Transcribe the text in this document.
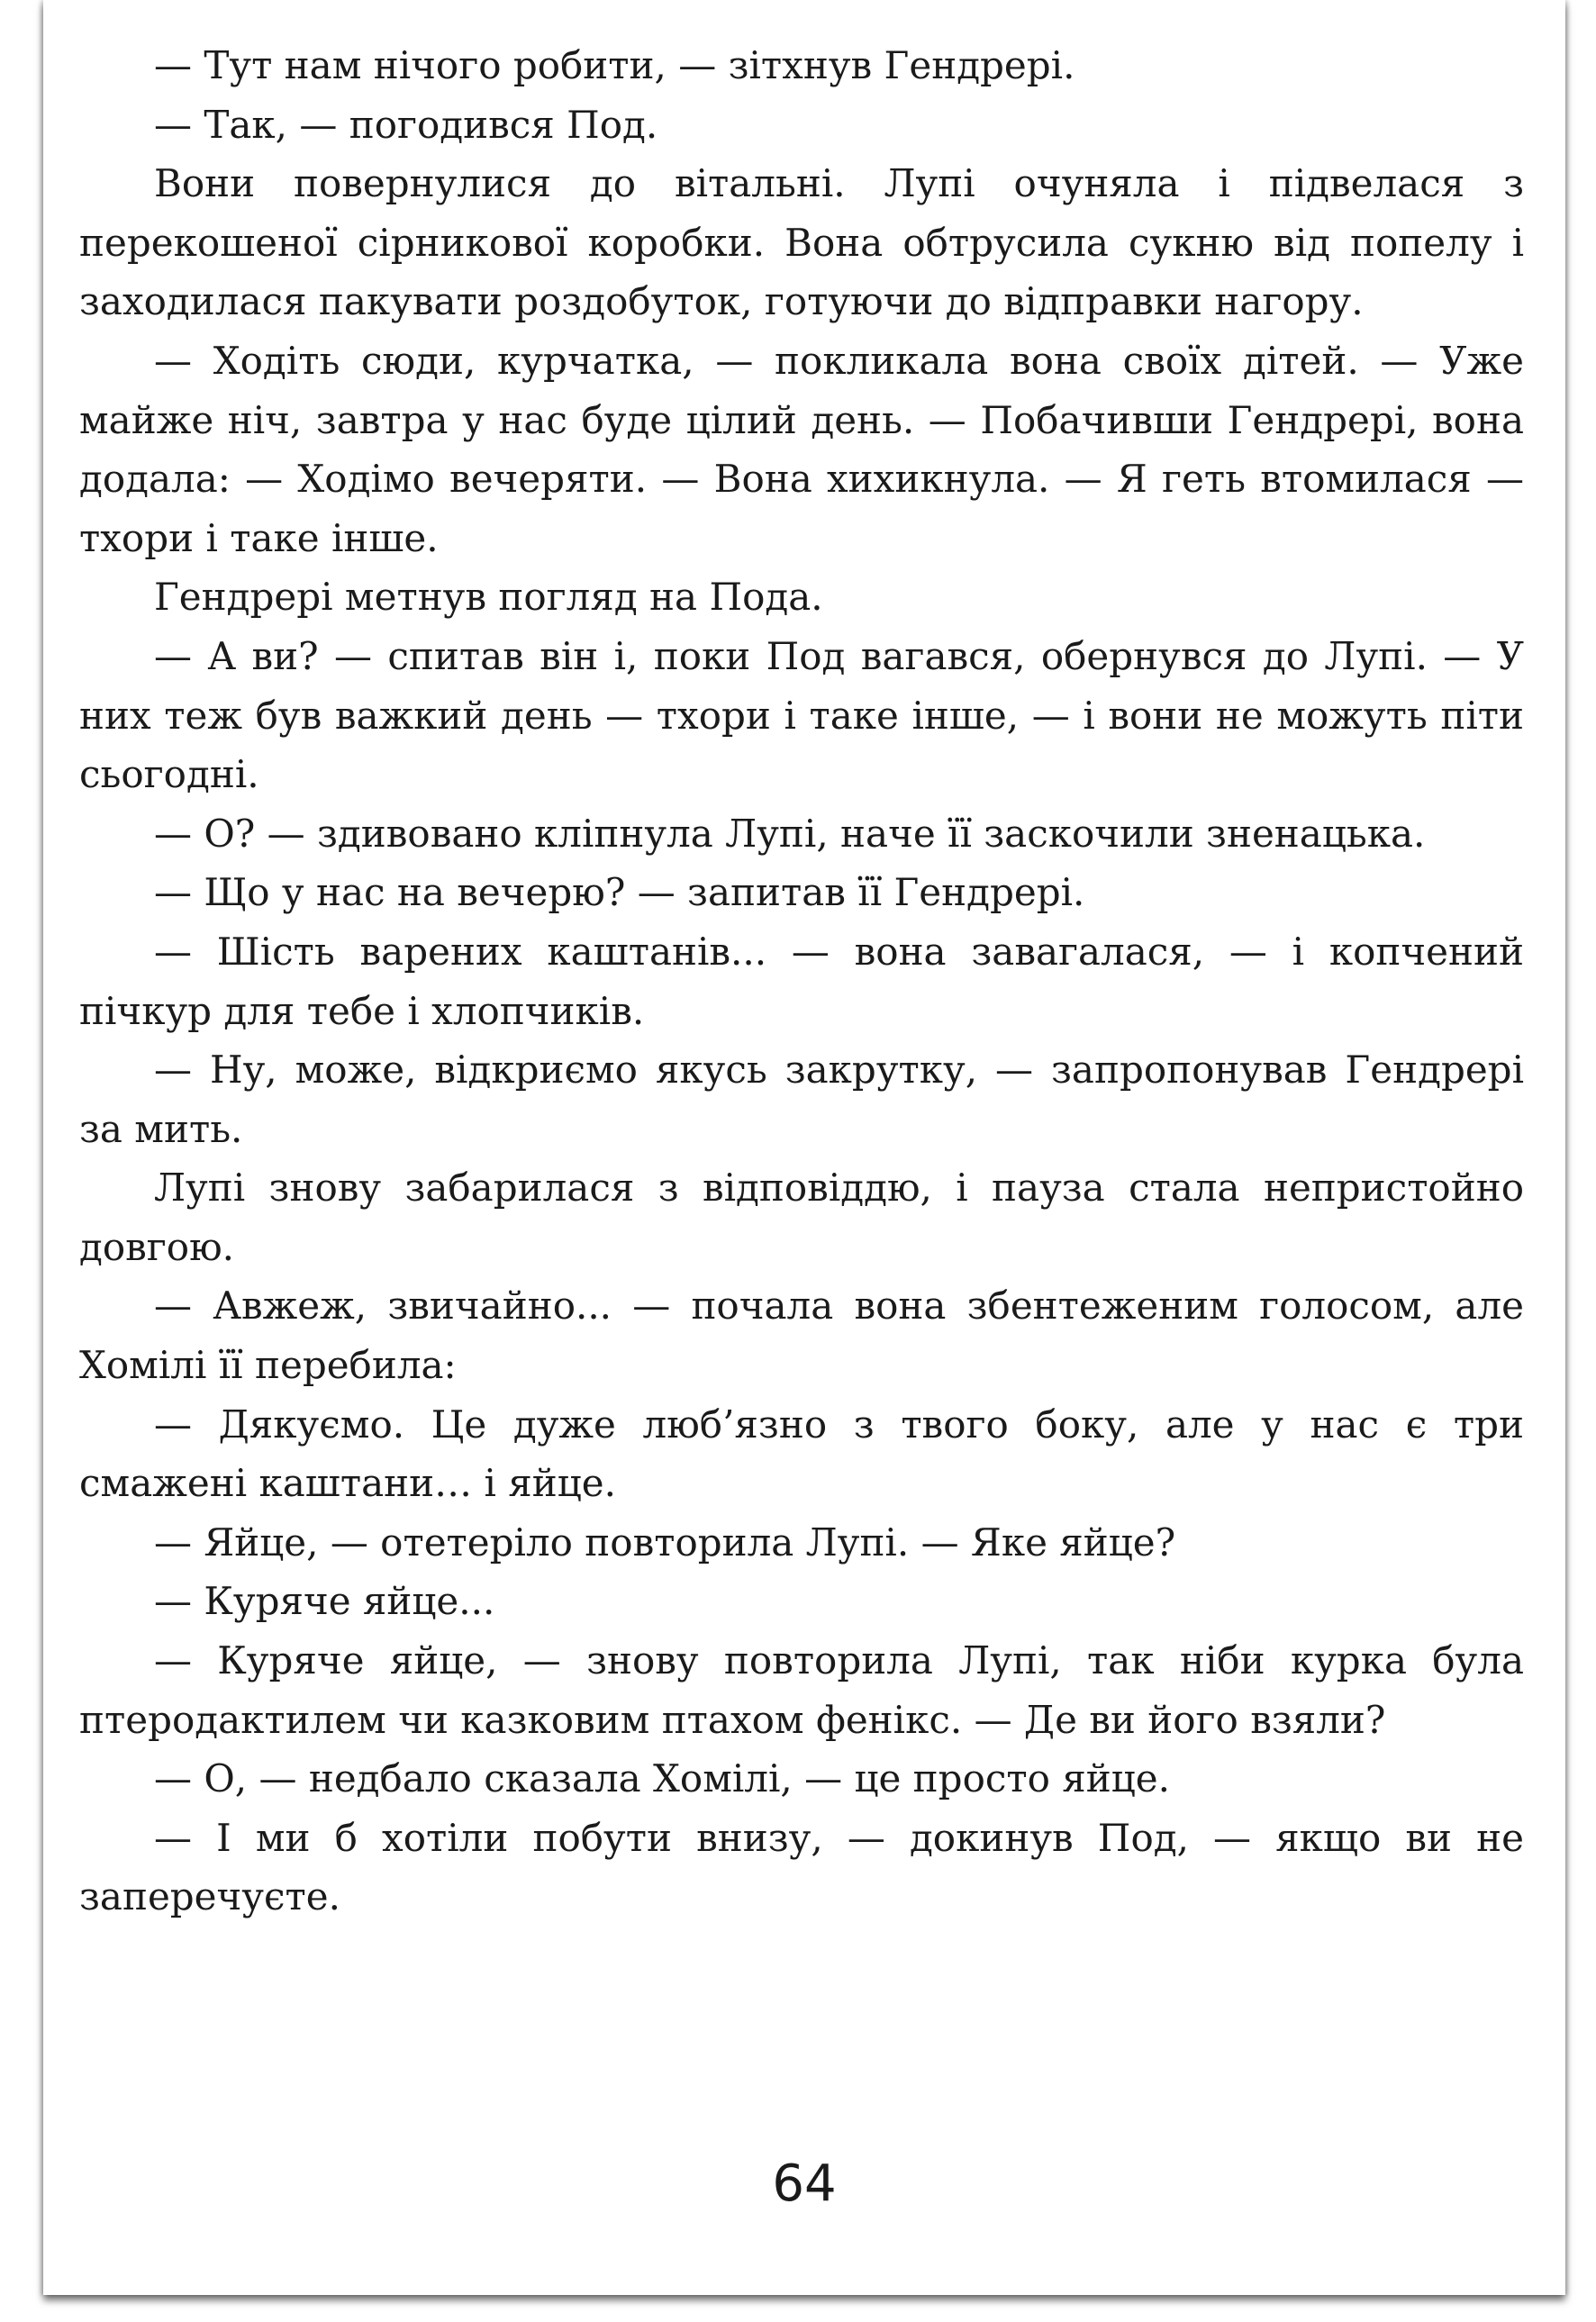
— Тут нам нічого робити, — зітхнув Гендрері.

— Так, — погодився Под.

Вони повернулися до вітальні. Лупі очуняла і підвелася з перекошеної сірникової коробки. Вона обтрусила сукню від попелу і заходилася пакувати роздобуток, готуючи до відправки нагору.

— Ходіть сюди, курчатка, — покликала вона своїх дітей. — Уже майже ніч, завтра у нас буде цілий день. — Побачивши Гендрері, вона додала: — Ходімо вечеряти. — Вона хихикнула. — Я геть втомилася — тхори і таке інше.

Гендрері метнув погляд на Пода.

— А ви? — спитав він і, поки Под вагався, обернувся до Лупі. — У них теж був важкий день — тхори і таке інше, — і вони не можуть піти сьогодні.

— О? — здивовано кліпнула Лупі, наче її заскочили зненацька.

— Що у нас на вечерю? — запитав її Гендрері.

— Шість варених каштанів... — вона завагалася, — і копчений пічкур для тебе і хлопчиків.

— Ну, може, відкриємо якусь закрутку, — запропонував Гендрері за мить.

Лупі знову забарилася з відповіддю, і пауза стала непристойно довгою.

— Авжеж, звичайно... — почала вона збентеженим голосом, але Хомілі її перебила:

— Дякуємо. Це дуже люб’язно з твого боку, але у нас є три смажені каштани… і яйце.

— Яйце, — отетеріло повторила Лупі. — Яке яйце?

— Куряче яйце...

— Куряче яйце, — знову повторила Лупі, так ніби курка була птеродактилем чи казковим птахом фенікс. — Де ви його взяли?

— О, — недбало сказала Хомілі, — це просто яйце.

— І ми б хотіли побути внизу, — докинув Под, — якщо ви не заперечуєте.

64
